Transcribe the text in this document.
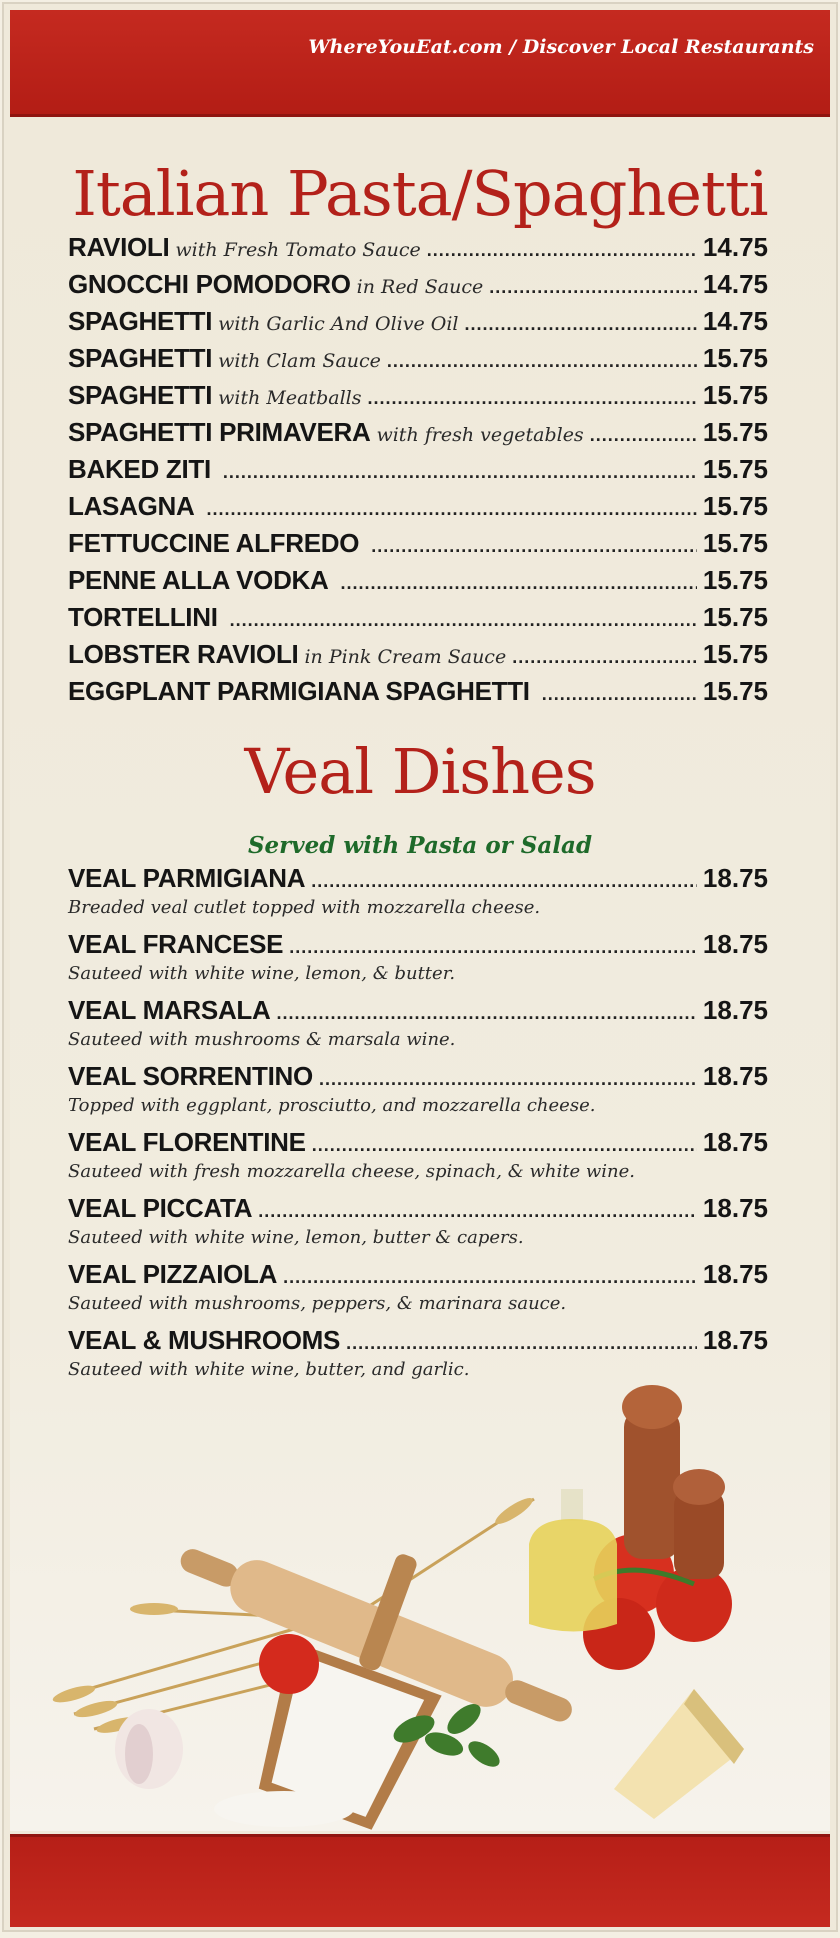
WhereYouEat.com / Discover Local Restaurants
Italian Pasta/Spaghetti
RAVIOLI with Fresh Tomato Sauce .....	14.75
GNOCCHI POMODORO in Red Sauce .....	14.75
SPAGHETTI with Garlic And Olive Oil .....	14.75
SPAGHETTI with Clam Sauce .....	15.75
SPAGHETTI with Meatballs .....	15.75
SPAGHETTI PRIMAVERA with fresh vegetables .....	15.75
BAKED ZITI .....	15.75
LASAGNA .....	15.75
FETTUCCINE ALFREDO .....	15.75
PENNE ALLA VODKA .....	15.75
TORTELLINI .....	15.75
LOBSTER RAVIOLI in Pink Cream Sauce .....	15.75
EGGPLANT PARMIGIANA SPAGHETTI .....	15.75
Veal Dishes
Served with Pasta or Salad
VEAL PARMIGIANA .....	18.75
Breaded veal cutlet topped with mozzarella cheese.
VEAL FRANCESE .....	18.75
Sauteed with white wine, lemon, & butter.
VEAL MARSALA .....	18.75
Sauteed with mushrooms & marsala wine.
VEAL SORRENTINO .....	18.75
Topped with eggplant, prosciutto, and mozzarella cheese.
VEAL FLORENTINE .....	18.75
Sauteed with fresh mozzarella cheese, spinach, & white wine.
VEAL PICCATA .....	18.75
Sauteed with white wine, lemon, butter & capers.
VEAL PIZZAIOLA .....	18.75
Sauteed with mushrooms, peppers, & marinara sauce.
VEAL & MUSHROOMS .....	18.75
Sauteed with white wine, butter, and garlic.
